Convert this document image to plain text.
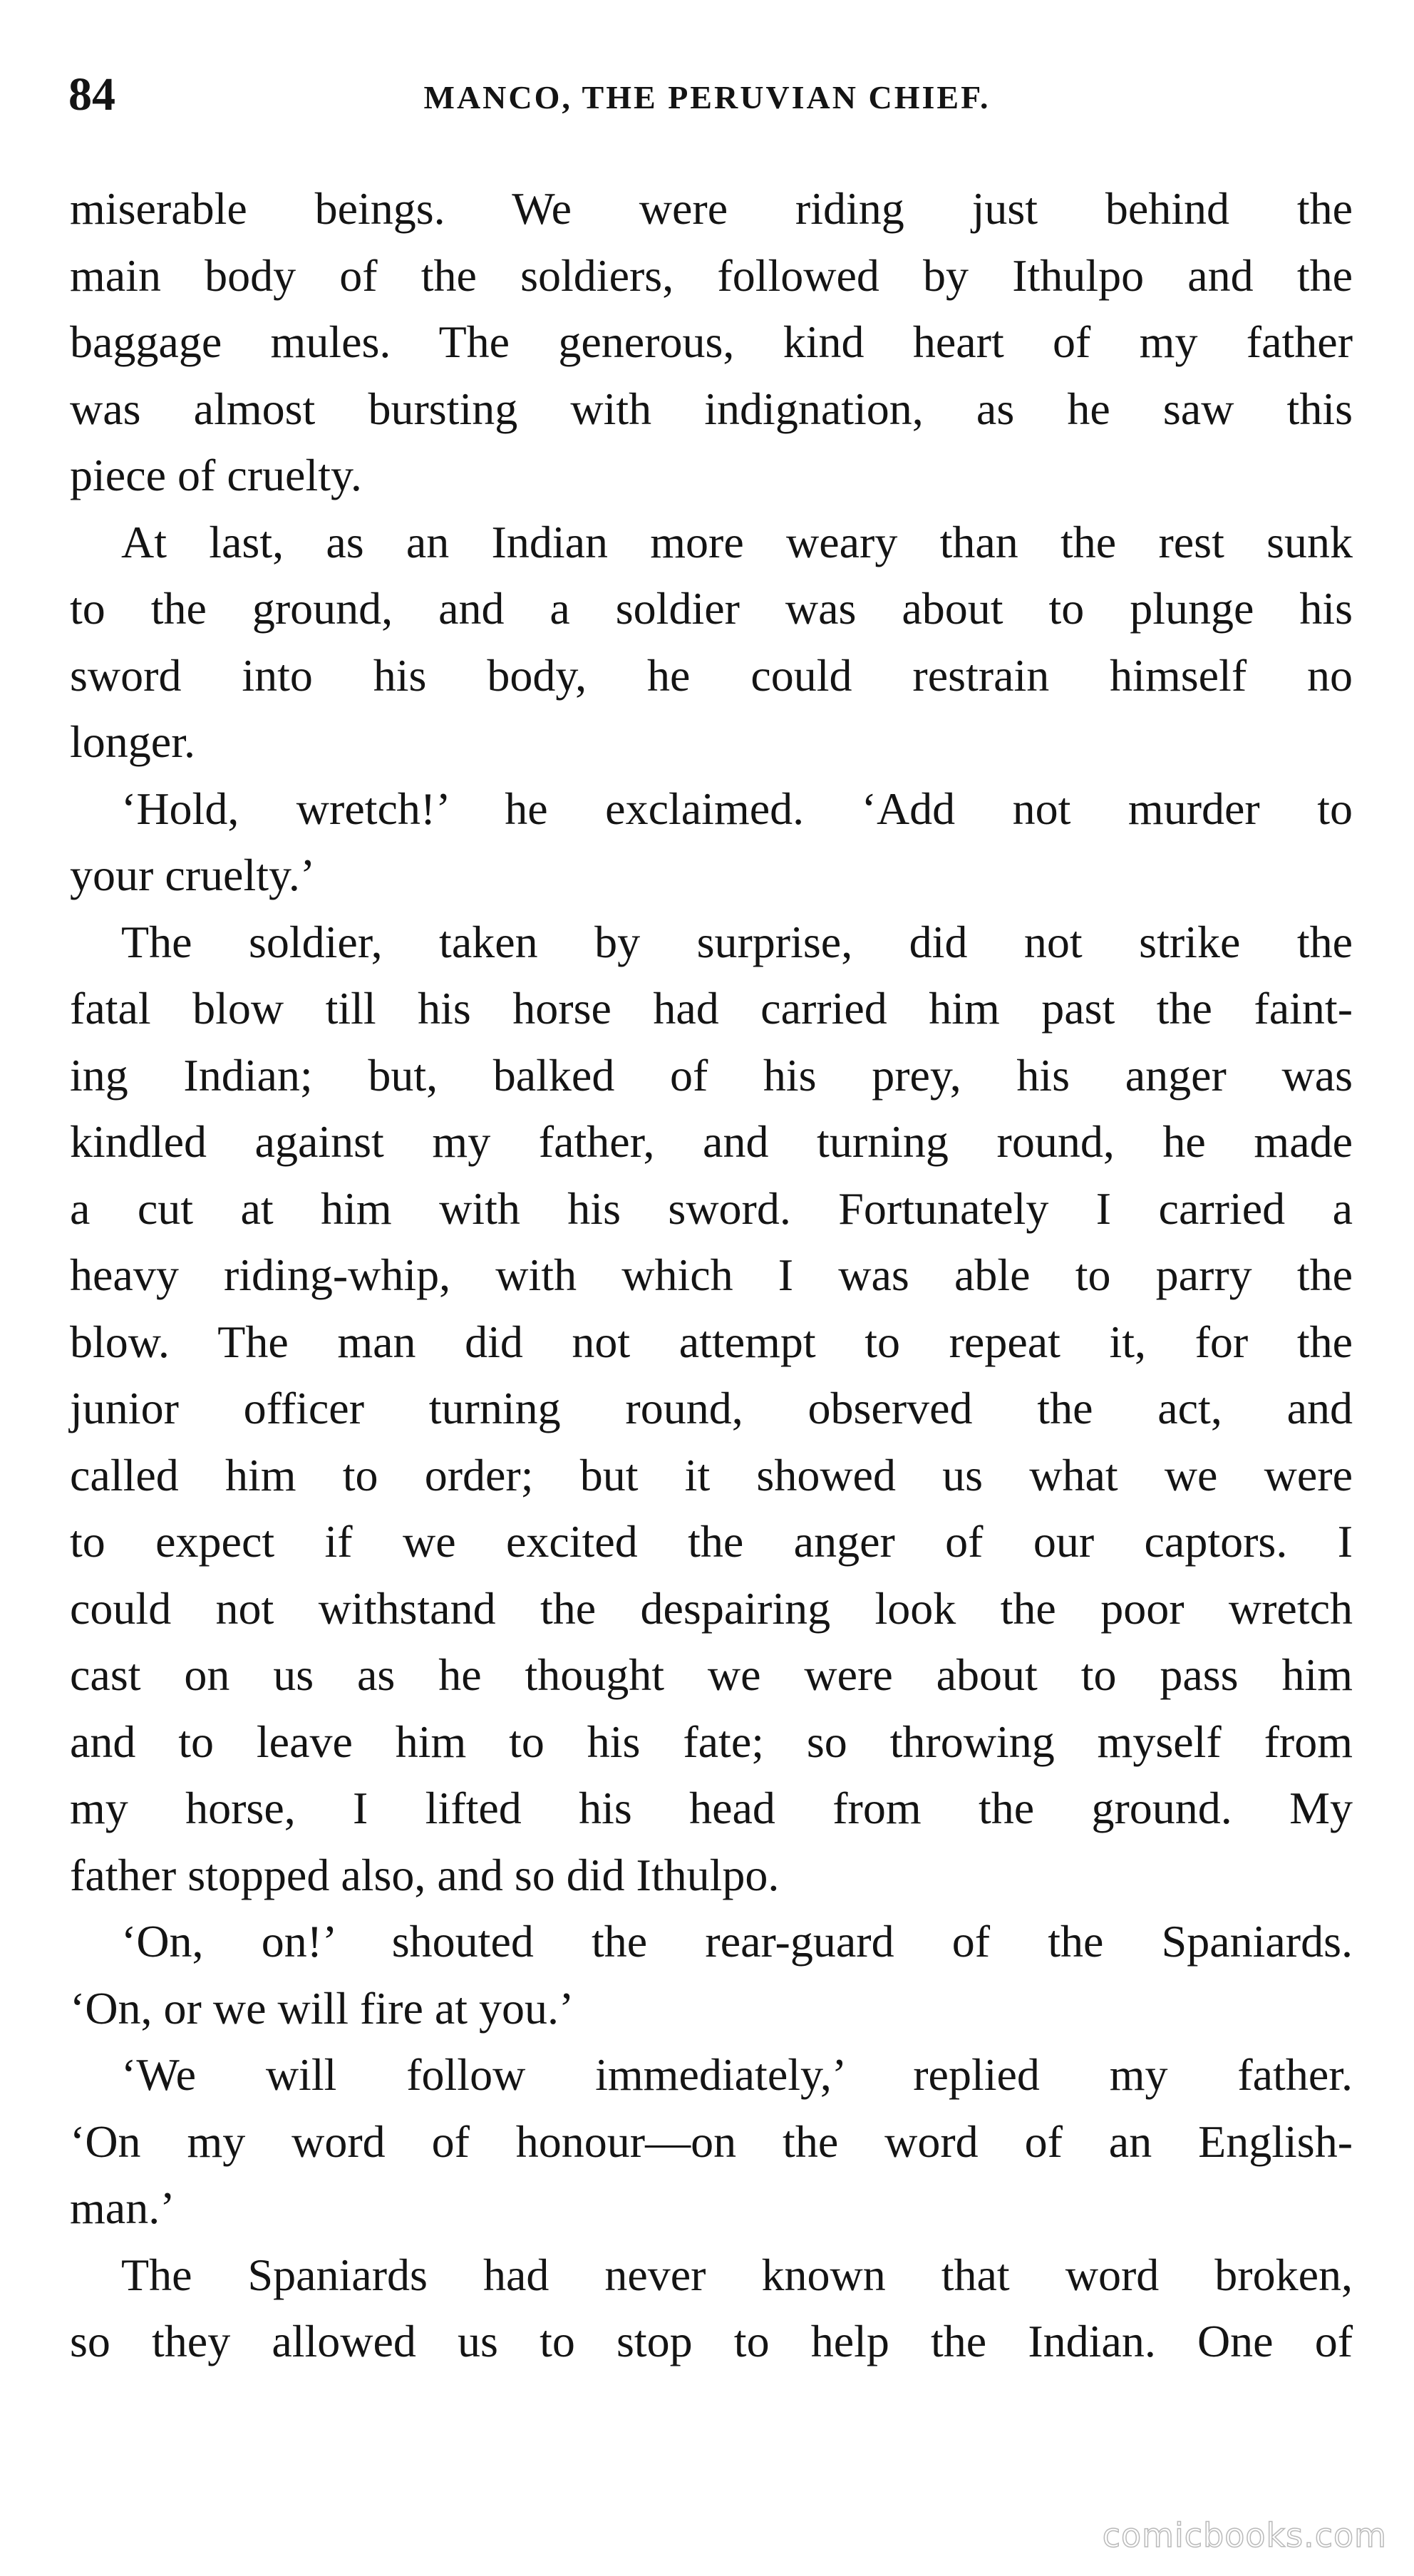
84	MANCO, THE PERUVIAN CHIEF.
miserable beings. We were riding just behind the
main body of the soldiers, followed by Ithulpo and the
baggage mules. The generous, kind heart of my father
was almost bursting with indignation, as he saw this
piece of cruelty.
At last, as an Indian more weary than the rest sunk
to the ground, and a soldier was about to plunge his
sword into his body, he could restrain himself no
longer.
‘Hold, wretch!’ he exclaimed. ‘Add not murder to
your cruelty.’
The soldier, taken by surprise, did not strike the
fatal blow till his horse had carried him past the faint-
ing Indian; but, balked of his prey, his anger was
kindled against my father, and turning round, he made
a cut at him with his sword. Fortunately I carried a
heavy riding-whip, with which I was able to parry the
blow. The man did not attempt to repeat it, for the
junior officer turning round, observed the act, and
called him to order; but it showed us what we were
to expect if we excited the anger of our captors. I
could not withstand the despairing look the poor wretch
cast on us as he thought we were about to pass him
and to leave him to his fate; so throwing myself from
my horse, I lifted his head from the ground. My
father stopped also, and so did Ithulpo.
‘On, on!’ shouted the rear-guard of the Spaniards.
‘On, or we will fire at you.’
‘We will follow immediately,’ replied my father.
‘On my word of honour—on the word of an English-
man.’
The Spaniards had never known that word broken,
so they allowed us to stop to help the Indian. One of
comicbooks.com
